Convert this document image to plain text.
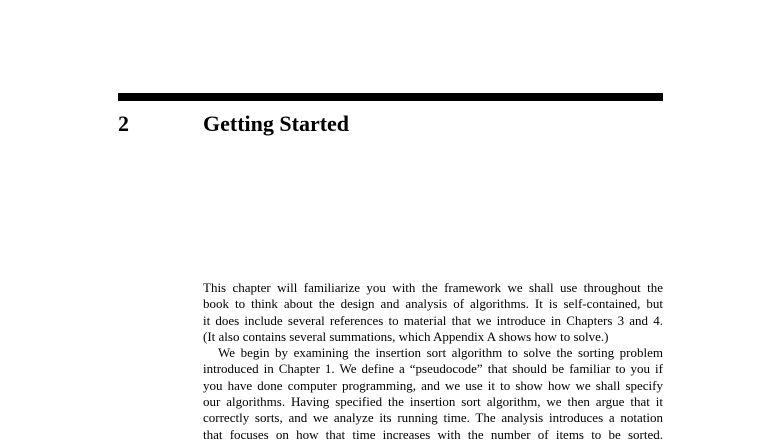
2	Getting Started
This chapter will familiarize you with the framework we shall use throughout the
book to think about the design and analysis of algorithms. It is self-contained, but
it does include several references to material that we introduce in Chapters 3 and 4.
(It also contains several summations, which Appendix A shows how to solve.)
We begin by examining the insertion sort algorithm to solve the sorting problem
introduced in Chapter 1. We define a “pseudocode” that should be familiar to you if
you have done computer programming, and we use it to show how we shall specify
our algorithms. Having specified the insertion sort algorithm, we then argue that it
correctly sorts, and we analyze its running time. The analysis introduces a notation
that focuses on how that time increases with the number of items to be sorted.
